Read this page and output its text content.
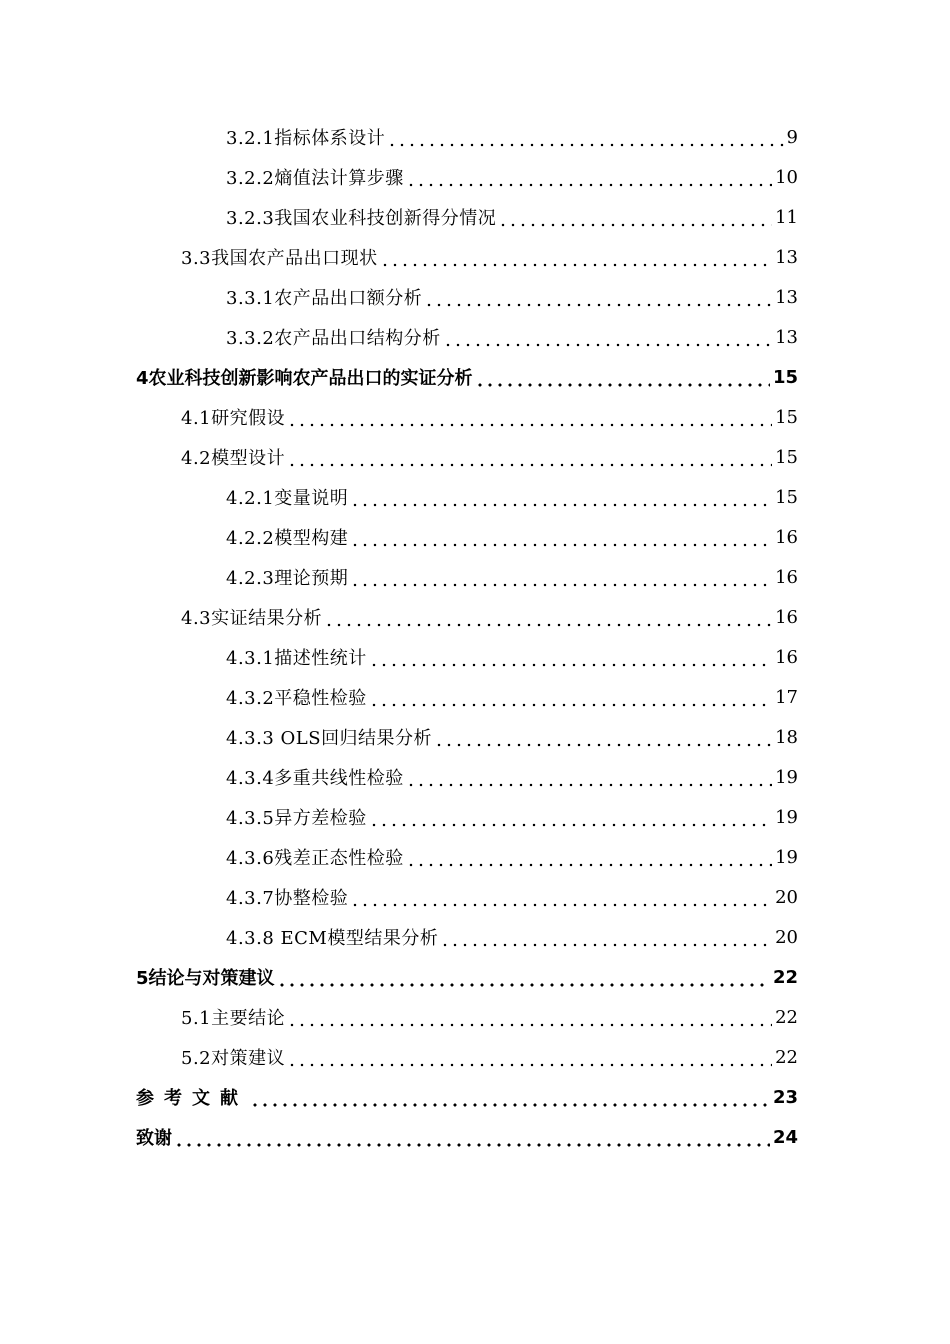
3.2.1指标体系设计	9
3.2.2熵值法计算步骤	10
3.2.3我国农业科技创新得分情况	11
3.3我国农产品出口现状	13
3.3.1农产品出口额分析	13
3.3.2农产品出口结构分析	13
4农业科技创新影响农产品出口的实证分析	15
4.1研究假设	15
4.2模型设计	15
4.2.1变量说明	15
4.2.2模型构建	16
4.2.3理论预期	16
4.3实证结果分析	16
4.3.1描述性统计	16
4.3.2平稳性检验	17
4.3.3 OLS回归结果分析	18
4.3.4多重共线性检验	19
4.3.5异方差检验	19
4.3.6残差正态性检验	19
4.3.7协整检验	20
4.3.8 ECM模型结果分析	20
5结论与对策建议	22
5.1主要结论	22
5.2对策建议	22
参考文献	23
致谢	24
